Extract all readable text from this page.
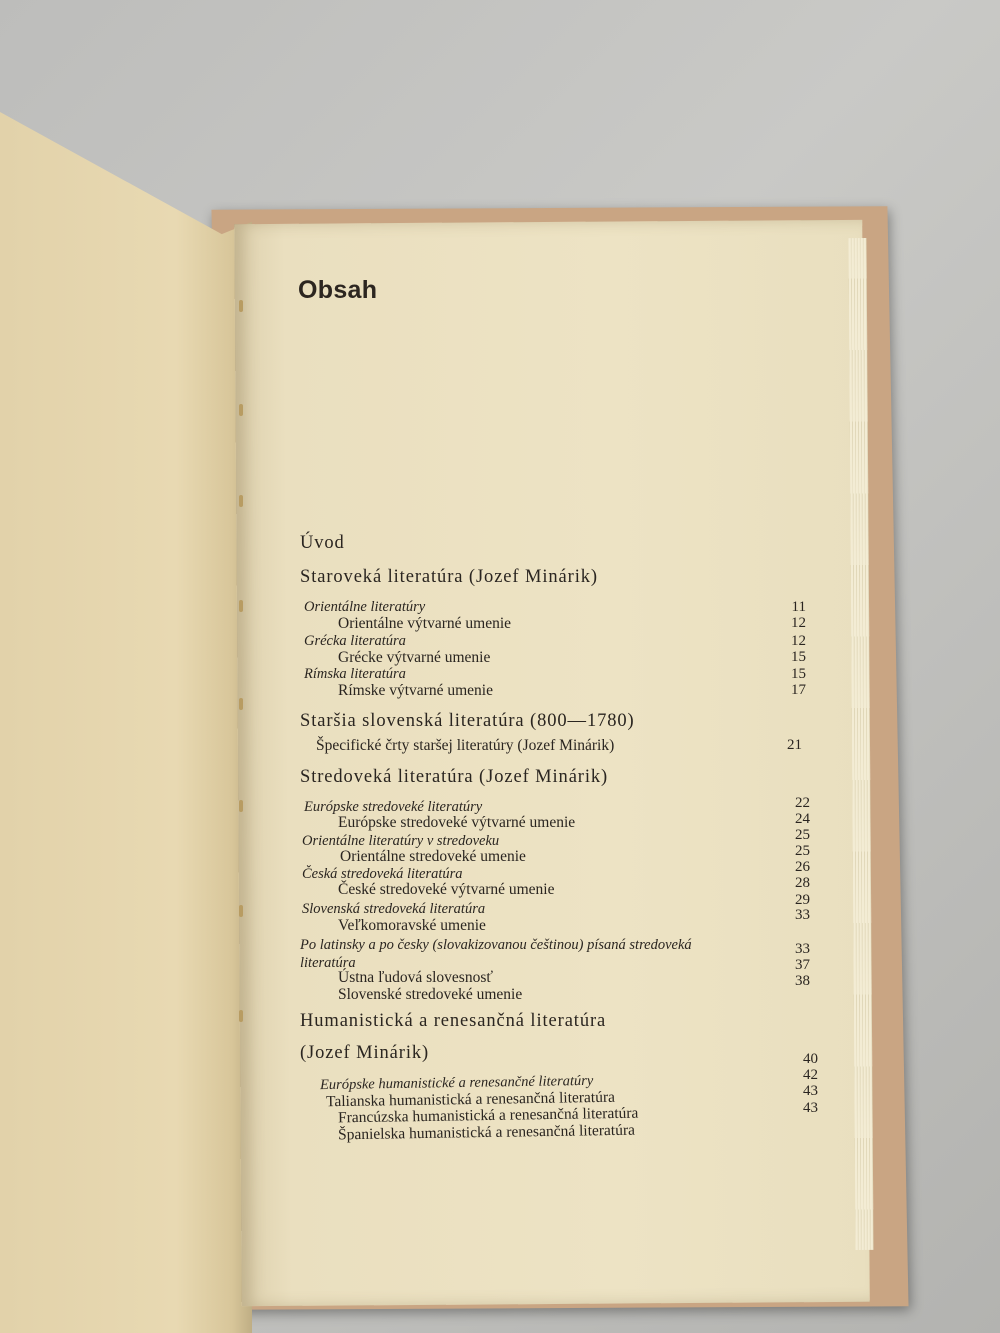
Obsah
Úvod
Staroveká literatúra (Jozef Minárik)
Orientálne literatúry
Orientálne výtvarné umenie
Grécka literatúra
Grécke výtvarné umenie
Rímska literatúra
Rímske výtvarné umenie
Staršia slovenská literatúra (800—1780)
Špecifické črty staršej literatúry (Jozef Minárik)
Stredoveká literatúra (Jozef Minárik)
Európske stredoveké literatúry
Európske stredoveké výtvarné umenie
Orientálne literatúry v stredoveku
Orientálne stredoveké umenie
Česká stredoveká literatúra
České stredoveké výtvarné umenie
Slovenská stredoveká literatúra
Veľkomoravské umenie
Po latinsky a po česky (slovakizovanou češtinou) písaná stredoveká
literatúra
Ústna ľudová slovesnosť
Slovenské stredoveké umenie
Humanistická a renesančná literatúra
(Jozef Minárik)
Európske humanistické a renesančné literatúry
Talianska humanistická a renesančná literatúra
Francúzska humanistická a renesančná literatúra
Španielska humanistická a renesančná literatúra
11
12
12
15
15
17
21
22
24
25
25
26
28
29
33
33
37
38
40
42
43
43
